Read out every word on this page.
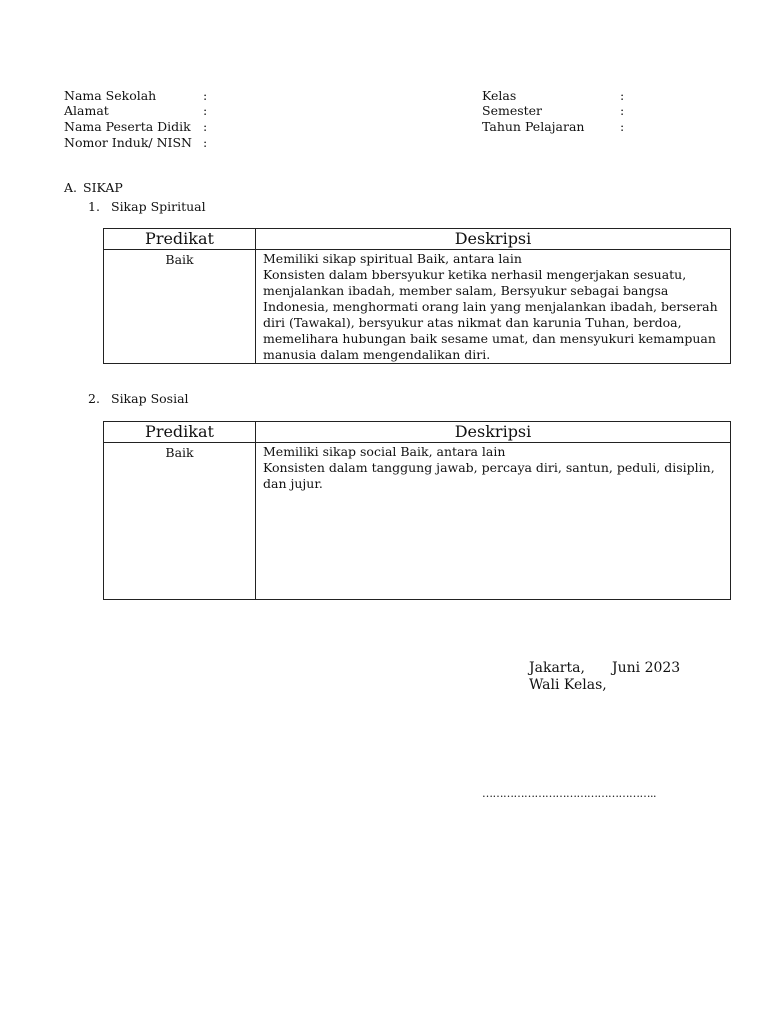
Nama Sekolah	:
Alamat	:
Nama Peserta Didik :
Nomor Induk/ NISN :
Kelas	:
Semester	:
Tahun Pelajaran	:
A. SIKAP
1. Sikap Spiritual
Predikat	Deskripsi
Baik	Memiliki sikap spiritual Baik, antara lain
Konsisten dalam bbersyukur ketika nerhasil mengerjakan sesuatu, menjalankan ibadah, member salam, Bersyukur sebagai bangsa Indonesia, menghormati orang lain yang menjalankan ibadah, berserah diri (Tawakal), bersyukur atas nikmat dan karunia Tuhan, berdoa, memelihara hubungan baik sesame umat, dan mensyukuri kemampuan manusia dalam mengendalikan diri.
2. Sikap Sosial
Predikat	Deskripsi
Baik	Memiliki sikap social Baik, antara lain
Konsisten dalam tanggung jawab, percaya diri, santun, peduli, disiplin, dan jujur.
Jakarta, Juni 2023
Wali Kelas,
…………………………………………..
